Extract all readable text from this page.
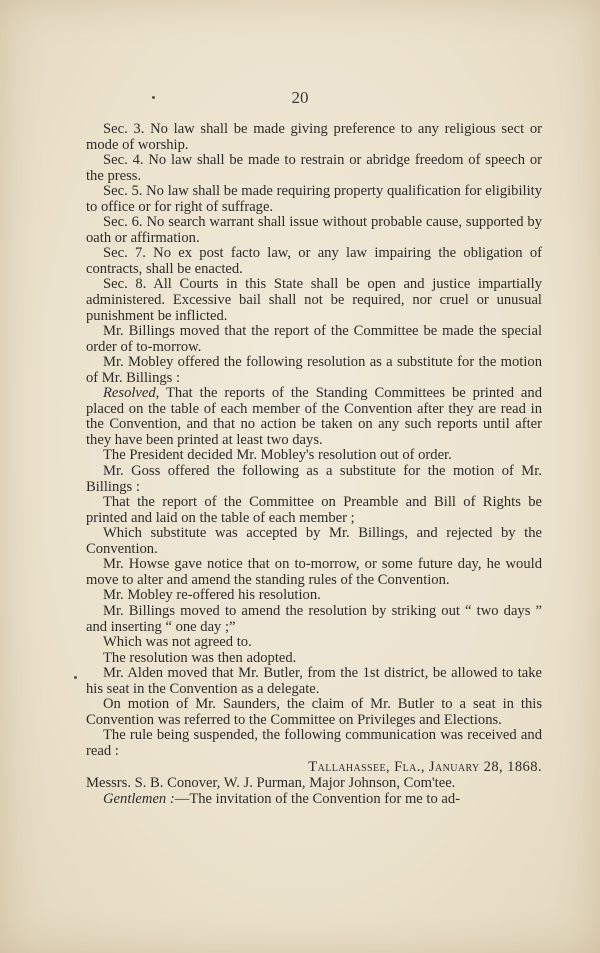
20

Sec. 3. No law shall be made giving preference to any religious sect or mode of worship.

Sec. 4. No law shall be made to restrain or abridge freedom of speech or the press.

Sec. 5. No law shall be made requiring property qualification for eligibility to office or for right of suffrage.

Sec. 6. No search warrant shall issue without probable cause, supported by oath or affirmation.

Sec. 7. No ex post facto law, or any law impairing the obligation of contracts, shall be enacted.

Sec. 8. All Courts in this State shall be open and justice impartially administered. Excessive bail shall not be required, nor cruel or unusual punishment be inflicted.

Mr. Billings moved that the report of the Committee be made the special order of to-morrow.

Mr. Mobley offered the following resolution as a substitute for the motion of Mr. Billings :

Resolved, That the reports of the Standing Committees be printed and placed on the table of each member of the Convention after they are read in the Convention, and that no action be taken on any such reports until after they have been printed at least two days.

The President decided Mr. Mobley's resolution out of order.

Mr. Goss offered the following as a substitute for the motion of Mr. Billings :

That the report of the Committee on Preamble and Bill of Rights be printed and laid on the table of each member ;

Which substitute was accepted by Mr. Billings, and rejected by the Convention.

Mr. Howse gave notice that on to-morrow, or some future day, he would move to alter and amend the standing rules of the Convention.

Mr. Mobley re-offered his resolution.

Mr. Billings moved to amend the resolution by striking out “ two days ” and inserting “ one day ;”

Which was not agreed to.

The resolution was then adopted.

Mr. Alden moved that Mr. Butler, from the 1st district, be allowed to take his seat in the Convention as a delegate.

On motion of Mr. Saunders, the claim of Mr. Butler to a seat in this Convention was referred to the Committee on Privileges and Elections.

The rule being suspended, the following communication was received and read :

Tallahassee, Fla., January 28, 1868.

Messrs. S. B. Conover, W. J. Purman, Major Johnson, Com'tee.

Gentlemen :—The invitation of the Convention for me to ad-
